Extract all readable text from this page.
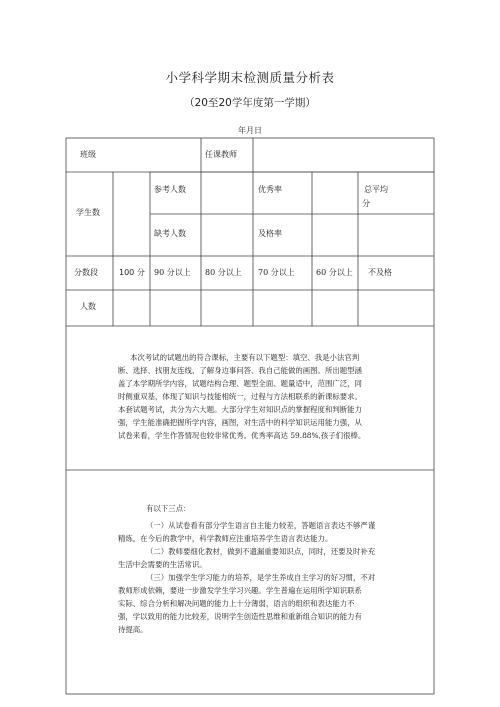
小学科学期末检测质量分析表
（20至20学年度第一学期）
年月日
班级	任课教师
学生数
参考人数	优秀率	总平均
分
缺考人数	及格率
分数段	100 分 90 分以上 80 分以上 70 分以上	60 分以上 不及格
人数
本次考试的试题出的符合课标，主要有以下题型：填空、我是小法官判
断、选择、找朋友连线、了解身边事问答、我自己能做的画图。所出题型涵
盖了本学期所学内容，试题结构合理、题型全面、题量适中，范围广泛，同
时侧重双基，体现了知识与技能相统一，过程与方法相联系的新课标要求。
本套试题考试，共分为六大题。大部分学生对知识点的掌握程度和判断能力
强，学生能准确把握所学内容，画图，对生活中的科学知识运用能力强，从
试卷来看，学生作答情况也较非常优秀。优秀率高达 59.88%,孩子们很棒。
有以下三点：
（一）从试卷看有部分学生语言自主能力较差，答题语言表达不够严谨
精炼，在今后的教学中，科学教师应注重培养学生语言表达能力。
（二）教师要细化教材，做到不遗漏重要知识点，同时，还要及时补充
生活中会需要的生活常识。
（三）加强学生学习能力的培养，是学生养成自主学习的好习惯，不对
教师形成依赖，要进一步激发学生学习兴趣。学生普遍在运用所学知识联系
实际、综合分析和解决问题的能力上十分薄弱，语言的组织和表达能力不
强，学以致用的能力比较差，说明学生创造性思维和重新组合知识的能力有
待提高。
